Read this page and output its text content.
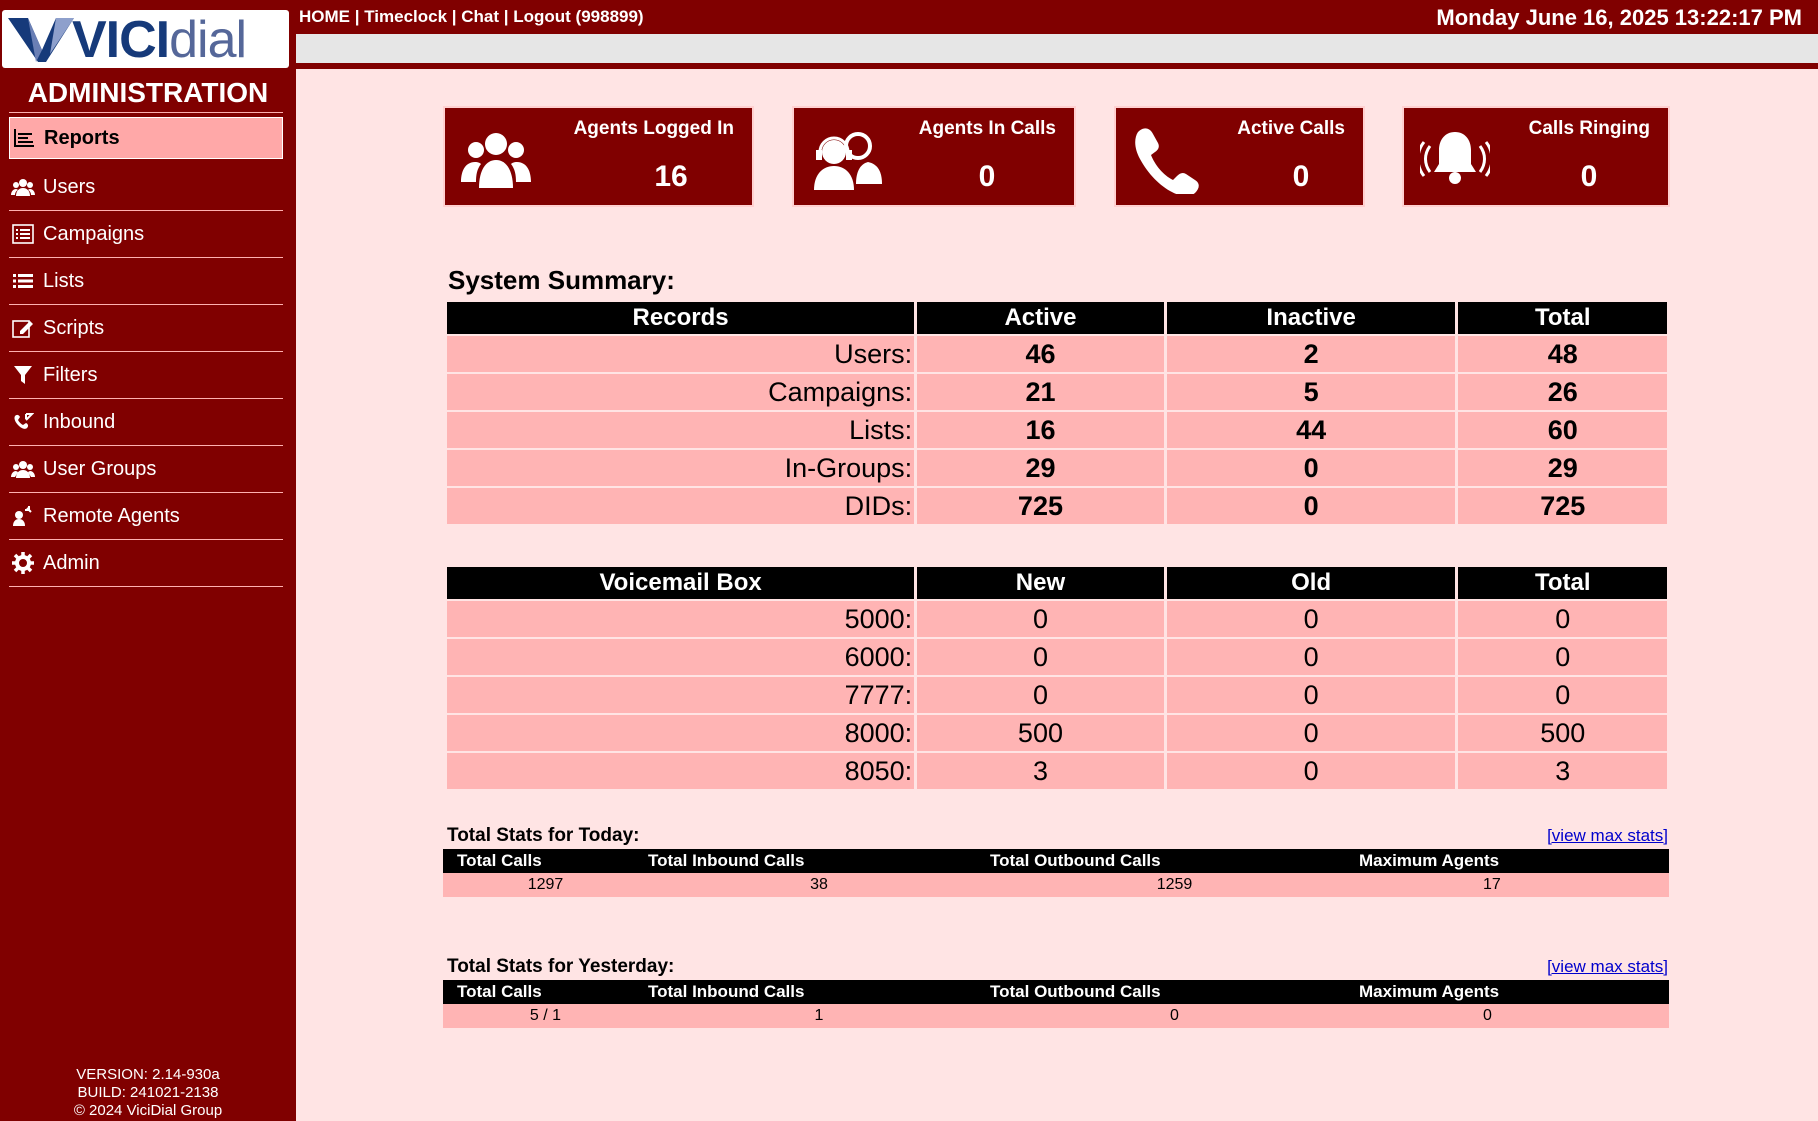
VICIdial
ADMINISTRATION
Reports
Users
Campaigns
Lists
Scripts
Filters
Inbound
User Groups
Remote Agents
Admin
VERSION: 2.14-930a
BUILD: 241021-2138
© 2024 ViciDial Group
HOME | Timeclock | Chat | Logout (998899)	Monday June 16, 2025 13:22:17 PM
Agents Logged In
16
Agents In Calls
0
Active Calls
0
Calls Ringing
0
System Summary:
Records	Active	Inactive	Total
Users:	46	2	48
Campaigns:	21	5	26
Lists:	16	44	60
In-Groups:	29	0	29
DIDs:	725	0	725
Voicemail Box	New	Old	Total
5000:	0	0	0
6000:	0	0	0
7777:	0	0	0
8000:	500	0	500
8050:	3	0	3
Total Stats for Today:	[view max stats]
Total Calls	Total Inbound Calls	Total Outbound Calls	Maximum Agents
1297	38	1259	17
Total Stats for Yesterday:	[view max stats]
Total Calls	Total Inbound Calls	Total Outbound Calls	Maximum Agents
5 / 1	1	0	0
